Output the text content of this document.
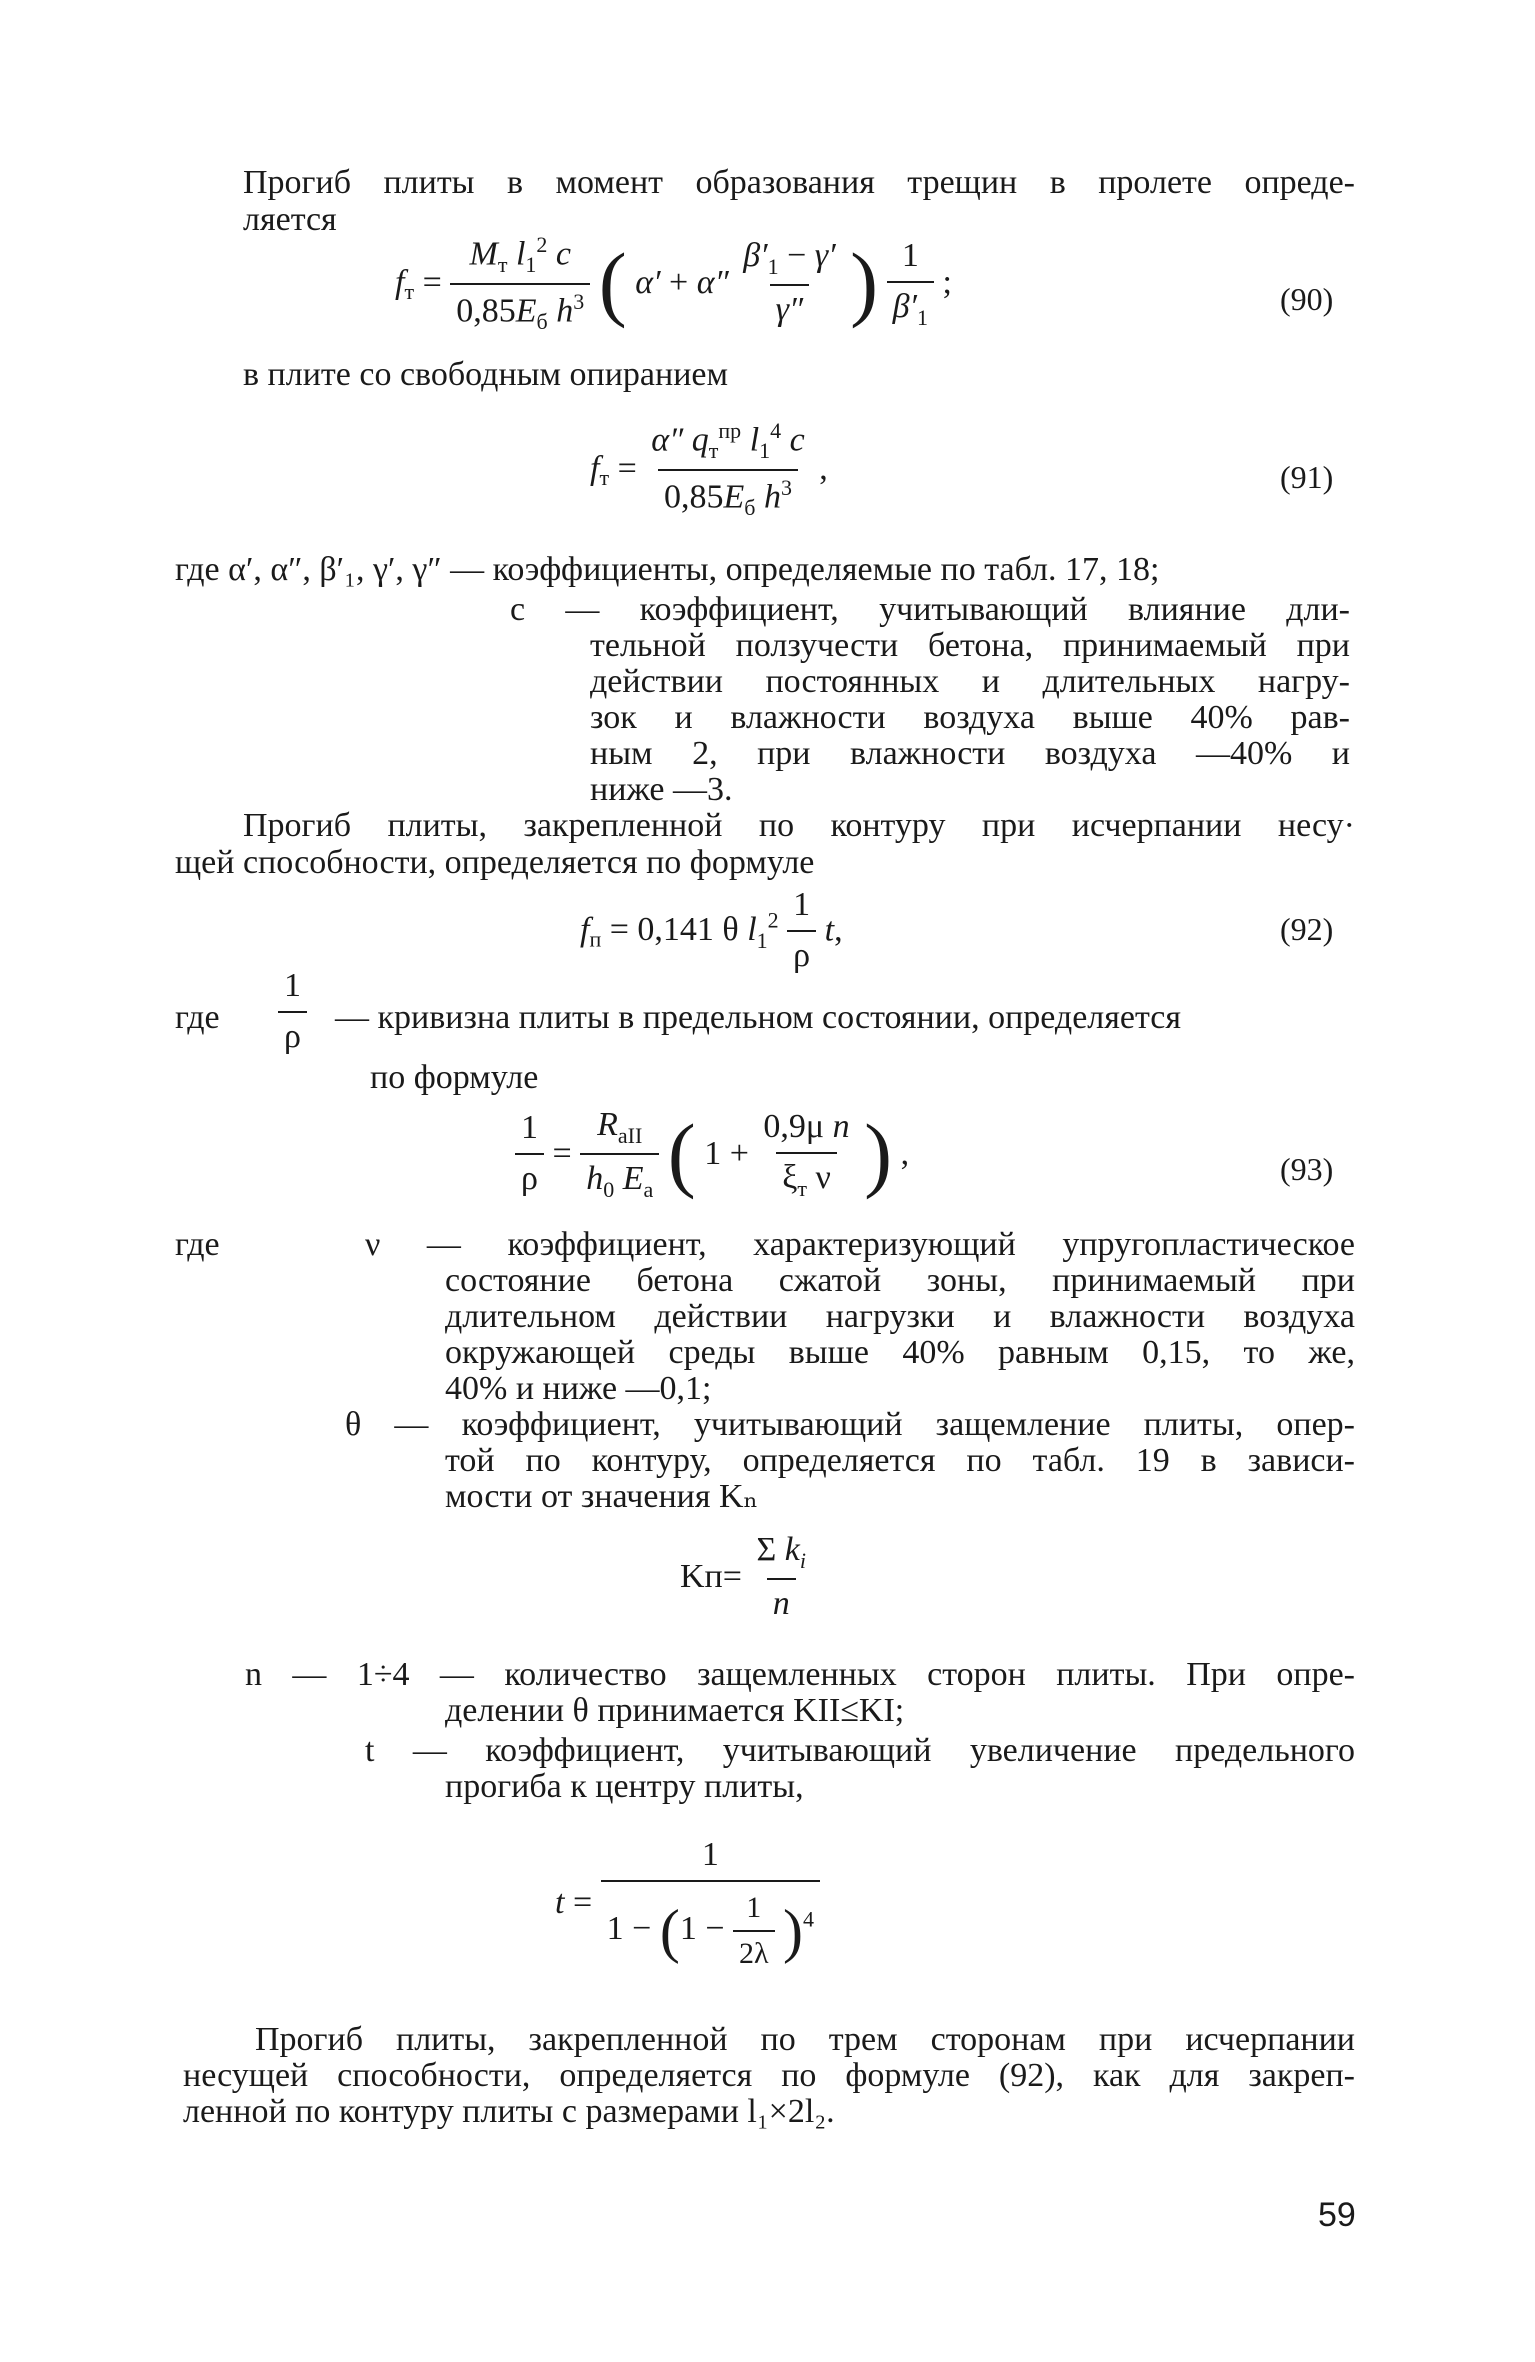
Прогиб плиты в момент образования трещин в пролете опреде-
ляется
$f_т = \frac{M_т l_1^2 c}{0,85E_б h^3}$ ( $\alpha' + \alpha'' \frac{\beta'_1 - \gamma'}{\gamma''}$ ) $\frac{1}{\beta'_1}$ ;	(90)
в плите со свободным опиранием
$f_т = \frac{\alpha'' q_т^{пр} l_1^4 c}{0,85E_б h^3}$ ,	(91)
где α′, α″, β′₁, γ′, γ″ — коэффициенты, определяемые по табл. 17, 18;
c — коэффициент, учитывающий влияние дли-
тельной ползучести бетона, принимаемый при
действии постоянных и длительных нагру-
зок и влажности воздуха выше 40% рав-
ным 2, при влажности воздуха —40% и
ниже —3.
Прогиб плиты, закрепленной по контуру при исчерпании несу·
щей способности, определяется по формуле
$f_п = 0,141$ θ $l_1^2 \frac{1}{\rho} t$,	(92)
где $\frac{1}{\rho}$ — кривизна плиты в предельном состоянии, определяется
по формуле
$\frac{1}{\rho} = \frac{R_{aII}}{h_0 E_a}$ ( $1 + \frac{\text{0,9μ n}}{\xi_т \nu}$ ) ,	(93)
где	ν — коэффициент, характеризующий упругопластическое
состояние бетона сжатой зоны, принимаемый при
длительном действии нагрузки и влажности воздуха
окружающей среды выше 40% равным 0,15, то же,
40% и ниже —0,1;
θ — коэффициент, учитывающий защемление плиты, опер-
той по контуру, определяется по табл. 19 в зависи-
мости от значения Kₙ
$Kп= \frac{\Sigma k_i}{n}$
n — 1÷4 — количество защемленных сторон плиты. При опре-
делении θ принимается KII≤KI;
t — коэффициент, учитывающий увеличение предельного
прогиба к центру плиты,
t =
1
$1 - (1 - \frac{1}{2\lambda} )^4$
Прогиб плиты, закрепленной по трем сторонам при исчерпании
несущей способности, определяется по формуле (92), как для закреп-
ленной по контуру плиты с размерами l₁×2l₂.
59
